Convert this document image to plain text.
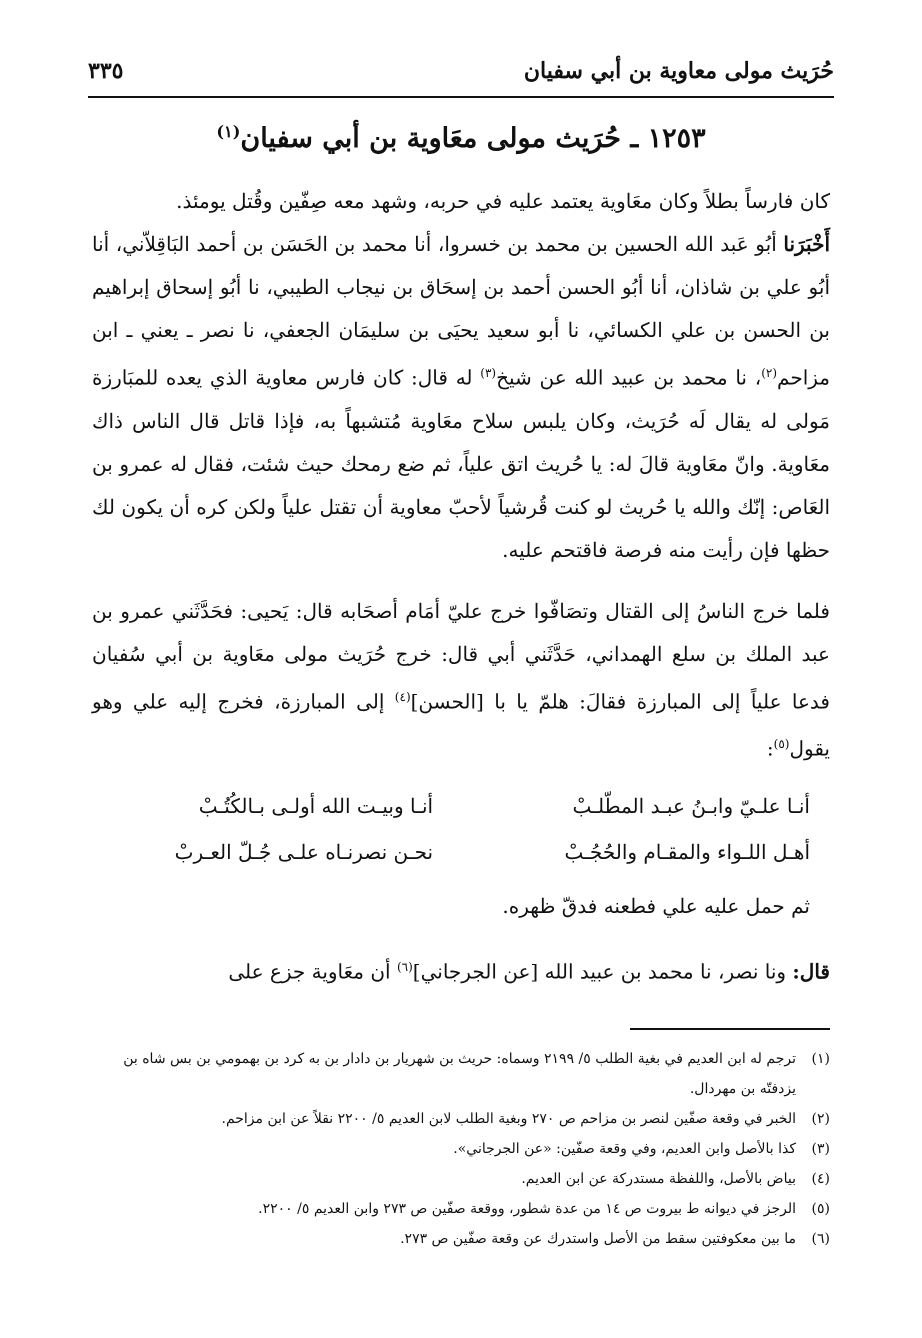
حُرَيث مولى معاوية بن أبي سفيان
٣٣٥
١٢٥٣ ـ حُرَيث مولى معَاوية بن أبي سفيان$^{(١)}$

كان فارساً بطلاً وكان معَاوية يعتمد عليه في حربه، وشهد معه صِفّين وقُتل يومئذ.

أَخْبَرَنا أبُو عَبد الله الحسين بن محمد بن خسروا، أنا محمد بن الحَسَن بن أحمد البَاقِلاّني، أنا أبُو علي بن شاذان، أنا أبُو الحسن أحمد بن إسحَاق بن نيجاب الطيبي، نا أبُو إسحاق إبراهيم بن الحسن بن علي الكسائي، نا أبو سعيد يحيَى بن سليمَان الجعفي، نا نصر ـ يعني ـ ابن مزاحم$^{(٢)}$، نا محمد بن عبيد الله عن شيخ$^{(٣)}$ له قال: كان فارس معاوية الذي يعده للمبَارزة مَولى له يقال لَه حُرَيث، وكان يلبس سلاح معَاوية مُتشبهاً به، فإذا قاتل قال الناس ذاك معَاوية. وانّ معَاوية قالَ له: يا حُريث اتق علياً، ثم ضع رمحك حيث شئت، فقال له عمرو بن العَاص: إنّك والله يا حُريث لو كنت قُرشياً لأحبّ معاوية أن تقتل علياً ولكن كره أن يكون لك حظها فإن رأيت منه فرصة فاقتحم عليه.

فلما خرج الناسُ إلى القتال وتصَافّوا خرج عليّ أمَام أصحَابه قال: يَحيى: فحَدَّثَني عمرو بن عبد الملك بن سلع الهمداني، حَدَّثَني أبي قال: خرج حُرَيث مولى معَاوية بن أبي سُفيان فدعا علياً إلى المبارزة فقالَ: هلمّ يا با [الحسن]$^{(٤)}$ إلى المبارزة، فخرج إليه علي وهو يقول$^{(٥)}$:

أنـا علـيّ وابـنُ عبـد المطّلـبْ
أنـا وبيـت الله أولـى بـالكُتُـبْ
أهـل اللـواء والمقـام والحُجُـبْ
نحـن نصرنـاه علـى جُـلّ العـربْ

ثم حمل عليه علي فطعنه فدقّ ظهره.

قال: ونا نصر، نا محمد بن عبيد الله [عن الجرجاني]$^{(٦)}$ أن معَاوية جزع على

(١)
ترجم له ابن العديم في بغية الطلب ٥/ ٢١٩٩ وسماه: حريث بن شهريار بن دادار بن به كرد بن بهمومي بن بس شاه بن يزدفتّه بن مهردال.
(٢)
الخبر في وقعة صفّين لنصر بن مزاحم ص ٢٧٠ وبغية الطلب لابن العديم ٥/ ٢٢٠٠ نقلاً عن ابن مزاحم.
(٣)
كذا بالأصل وابن العديم، وفي وقعة صفّين: «عن الجرجاني».
(٤)
بياض بالأصل، واللفظة مستدركة عن ابن العديم.
(٥)
الرجز في ديوانه ط بيروت ص ١٤ من عدة شطور، ووقعة صفّين ص ٢٧٣ وابن العديم ٥/ ٢٢٠٠.
(٦)
ما بين معكوفتين سقط من الأصل واستدرك عن وقعة صفّين ص ٢٧٣.
